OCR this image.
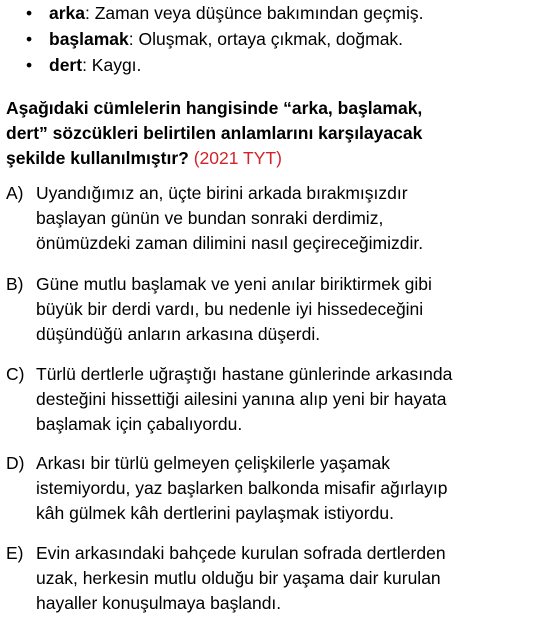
• arka: Zaman veya düşünce bakımından geçmiş.
• başlamak: Oluşmak, ortaya çıkmak, doğmak.
• dert: Kaygı.
Aşağıdaki cümlelerin hangisinde “arka, başlamak,
dert” sözcükleri belirtilen anlamlarını karşılayacak
şekilde kullanılmıştır? (2021 TYT)
A) Uyandığımız an, üçte birini arkada bırakmışızdır
başlayan günün ve bundan sonraki derdimiz,
önümüzdeki zaman dilimini nasıl geçireceğimizdir.
B) Güne mutlu başlamak ve yeni anılar biriktirmek gibi
büyük bir derdi vardı, bu nedenle iyi hissedeceğini
düşündüğü anların arkasına düşerdi.
C) Türlü dertlerle uğraştığı hastane günlerinde arkasında
desteğini hissettiği ailesini yanına alıp yeni bir hayata
başlamak için çabalıyordu.
D) Arkası bir türlü gelmeyen çelişkilerle yaşamak
istemiyordu, yaz başlarken balkonda misafir ağırlayıp
kâh gülmek kâh dertlerini paylaşmak istiyordu.
E) Evin arkasındaki bahçede kurulan sofrada dertlerden
uzak, herkesin mutlu olduğu bir yaşama dair kurulan
hayaller konuşulmaya başlandı.
